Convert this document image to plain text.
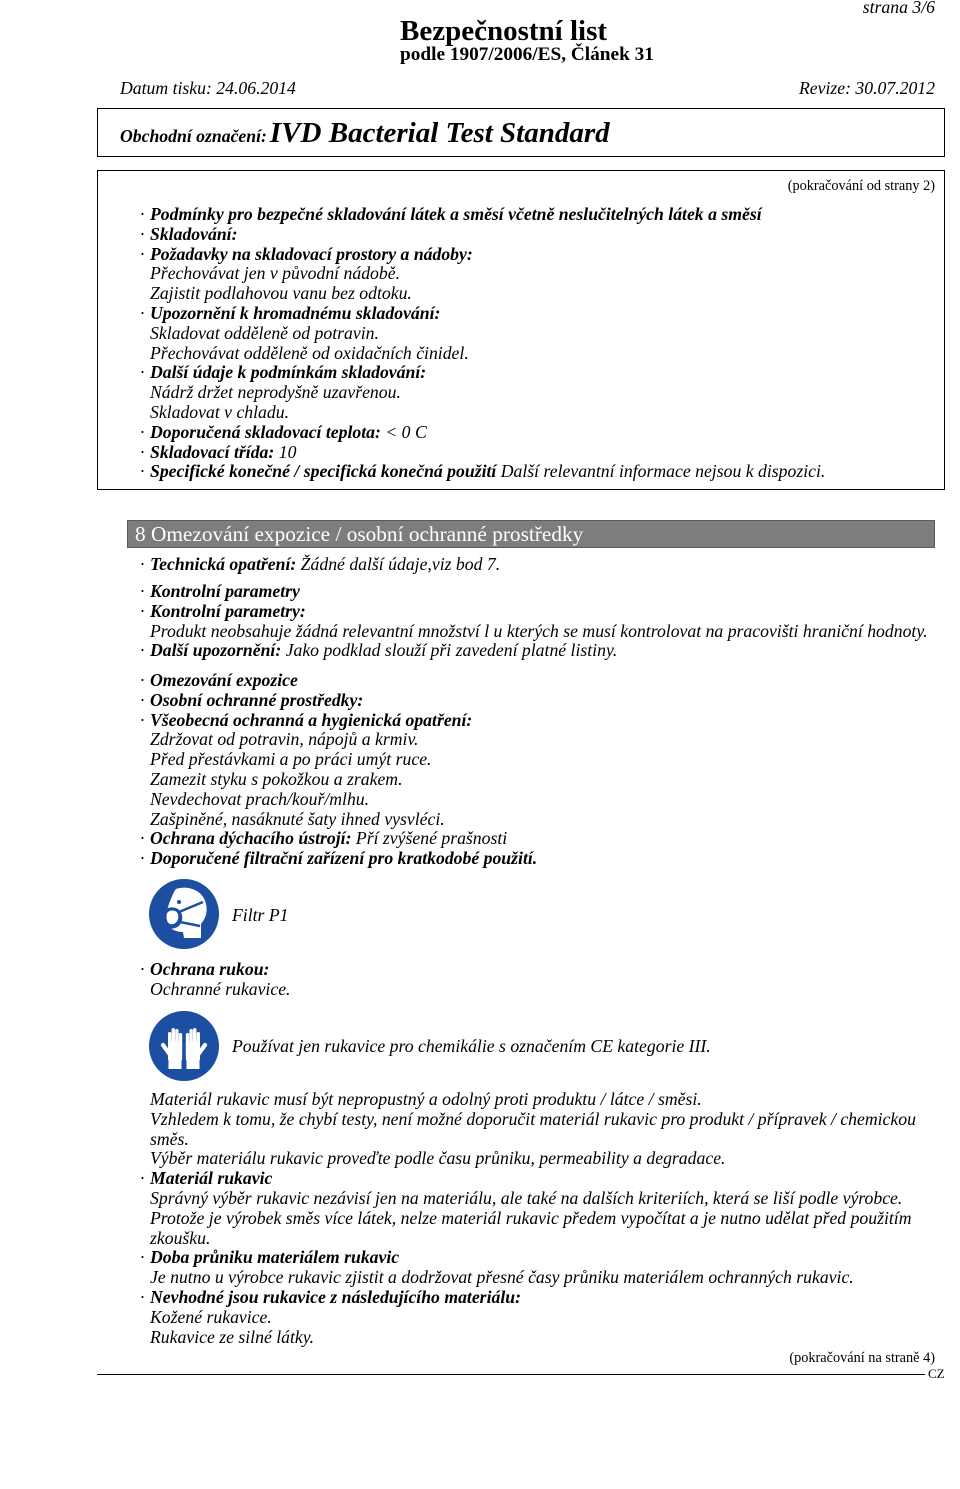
strana 3/6
Bezpečnostní list
podle 1907/2006/ES, Článek 31
Datum tisku: 24.06.2014	Revize: 30.07.2012
Obchodní označení: IVD Bacterial Test Standard
(pokračování od strany 2)
· Podmínky pro bezpečné skladování látek a směsí včetně neslučitelných látek a směsí
· Skladování:
· Požadavky na skladovací prostory a nádoby:
Přechovávat jen v původní nádobě.
Zajistit podlahovou vanu bez odtoku.
· Upozornění k hromadnému skladování:
Skladovat odděleně od potravin.
Přechovávat odděleně od oxidačních činidel.
· Další údaje k podmínkám skladování:
Nádrž držet neprodyšně uzavřenou.
Skladovat v chladu.
· Doporučená skladovací teplota: < 0 C
· Skladovací třída: 10
· Specifické konečné / specifická konečná použití Další relevantní informace nejsou k dispozici.
8 Omezování expozice / osobní ochranné prostředky
· Technická opatření: Žádné další údaje,viz bod 7.
· Kontrolní parametry
· Kontrolní parametry:
Produkt neobsahuje žádná relevantní množství l u kterých se musí kontrolovat na pracovišti hraniční hodnoty.
· Další upozornění: Jako podklad slouží při zavedení platné listiny.
· Omezování expozice
· Osobní ochranné prostředky:
· Všeobecná ochranná a hygienická opatření:
Zdržovat od potravin, nápojů a krmiv.
Před přestávkami a po práci umýt ruce.
Zamezit styku s pokožkou a zrakem.
Nevdechovat prach/kouř/mlhu.
Zašpiněné, nasáknuté šaty ihned vysvléci.
· Ochrana dýchacího ústrojí: Pří zvýšené prašnosti
· Doporučené filtrační zařízení pro kratkodobé použití.
Filtr P1
· Ochrana rukou:
Ochranné rukavice.
Používat jen rukavice pro chemikálie s označením CE kategorie III.
Materiál rukavic musí být nepropustný a odolný proti produktu / látce / směsi.
Vzhledem k tomu, že chybí testy, není možné doporučit materiál rukavic pro produkt / přípravek / chemickou
směs.
Výběr materiálu rukavic proveďte podle času průniku, permeability a degradace.
· Materiál rukavic
Správný výběr rukavic nezávisí jen na materiálu, ale také na dalších kriteriích, která se liší podle výrobce.
Protože je výrobek směs více látek, nelze materiál rukavic předem vypočítat a je nutno udělat před použitím
zkoušku.
· Doba průniku materiálem rukavic
Je nutno u výrobce rukavic zjistit a dodržovat přesné časy průniku materiálem ochranných rukavic.
· Nevhodné jsou rukavice z následujícího materiálu:
Kožené rukavice.
Rukavice ze silné látky.
(pokračování na straně 4)
CZ
